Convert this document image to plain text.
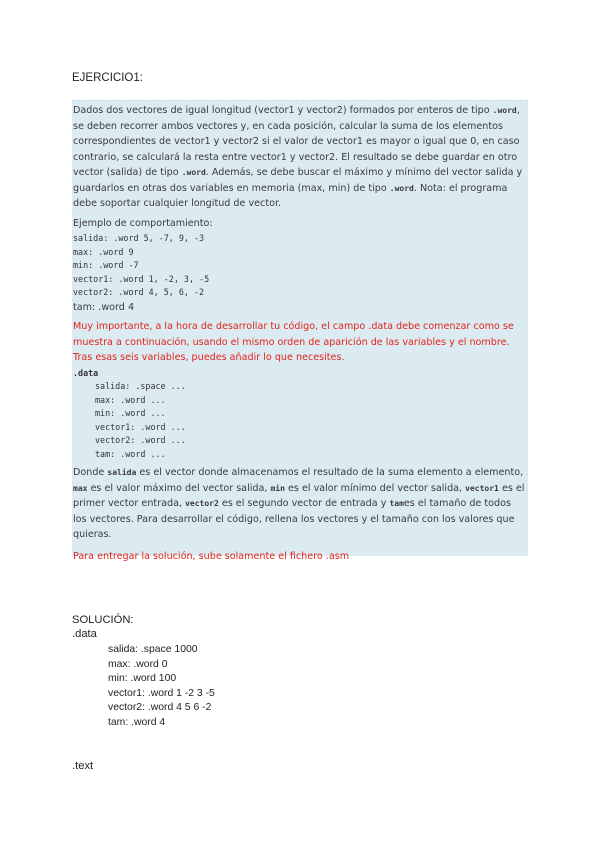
EJERCICIO1:

Dados dos vectores de igual longitud (vector1 y vector2) formados por enteros de tipo .word, se deben recorrer ambos vectores y, en cada posición, calcular la suma de los elementos correspondientes de vector1 y vector2 si el valor de vector1 es mayor o igual que 0, en caso contrario, se calculará la resta entre vector1 y vector2. El resultado se debe guardar en otro vector (salida) de tipo .word. Además, se debe buscar el máximo y mínimo del vector salida y guardarlos en otras dos variables en memoria (max, min) de tipo .word. Nota: el programa debe soportar cualquier longitud de vector.

Ejemplo de comportamiento:

salida: .word 5, -7, 9, -3

max: .word 9

min: .word -7

vector1: .word 1, -2, 3, -5

vector2: .word 4, 5, 6, -2

tam: .word 4

Muy importante, a la hora de desarrollar tu código, el campo .data debe comenzar como se muestra a continuación, usando el mismo orden de aparición de las variables y el nombre. Tras esas seis variables, puedes añadir lo que necesites.

.data

salida: .space ...

max: .word ...

min: .word ...

vector1: .word ...

vector2: .word ...

tam: .word ...

Donde salida es el vector donde almacenamos el resultado de la suma elemento a elemento, max es el valor máximo del vector salida, min es el valor mínimo del vector salida, vector1 es el primer vector entrada, vector2 es el segundo vector de entrada y tames el tamaño de todos los vectores. Para desarrollar el código, rellena los vectores y el tamaño con los valores que quieras.

Para entregar la solución, sube solamente el fichero .asm

SOLUCIÓN:
.data
salida: .space 1000
max: .word 0
min: .word 100
vector1: .word 1 -2 3 -5
vector2: .word 4 5 6 -2
tam: .word 4
.text
